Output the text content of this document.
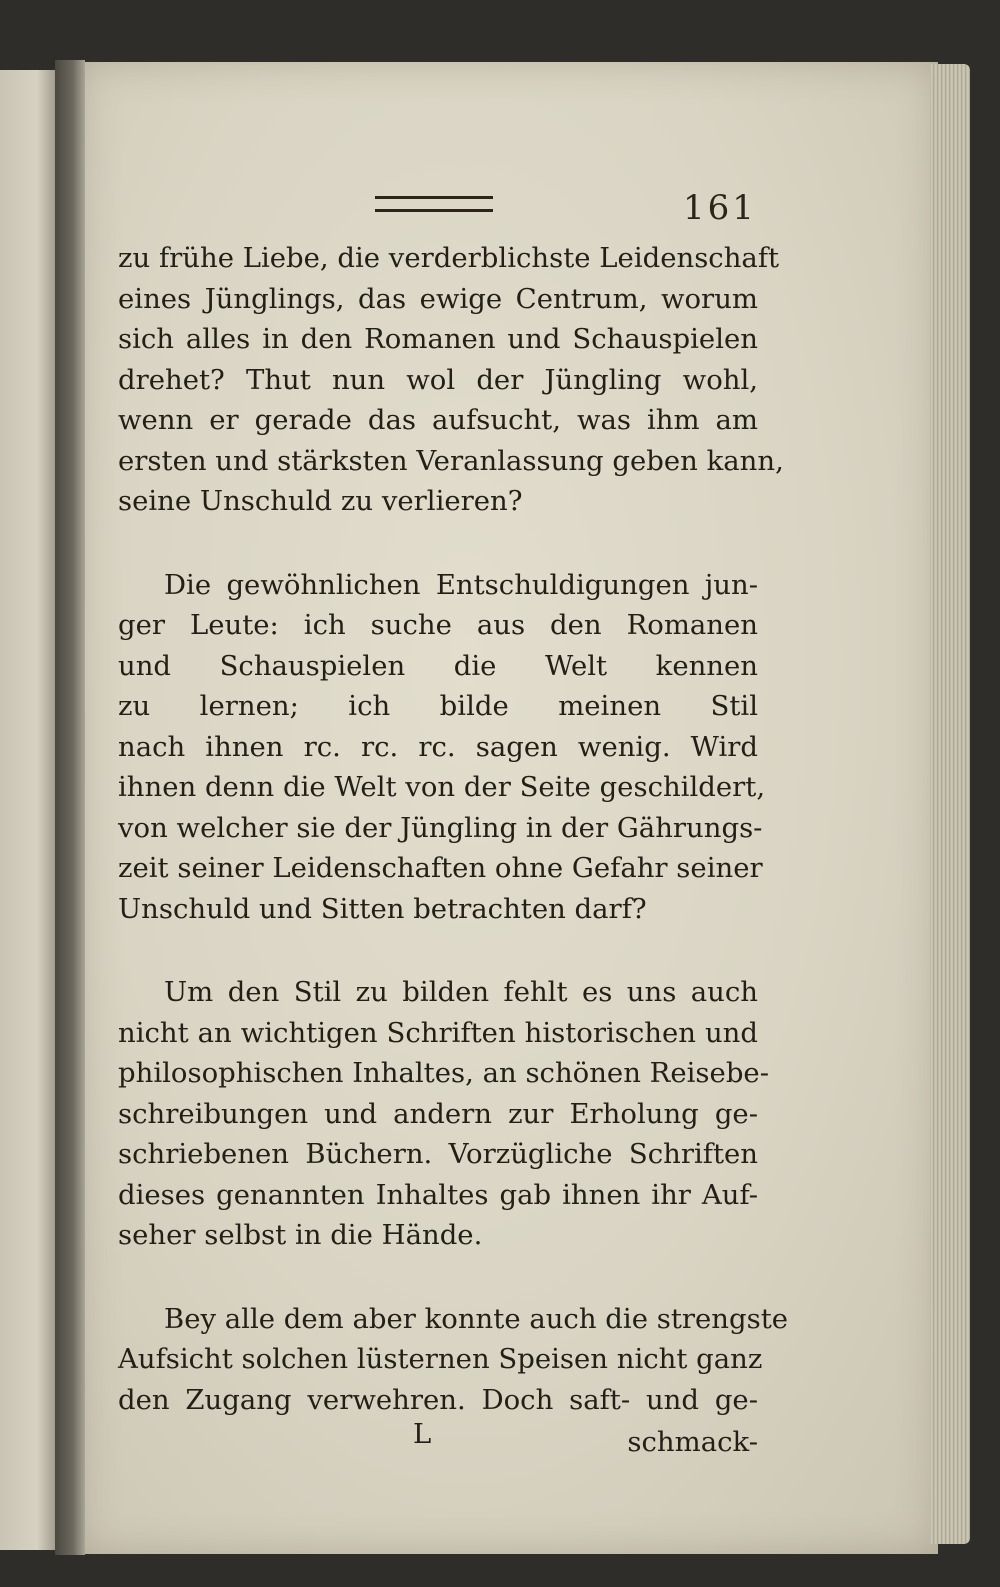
161

zu frühe Liebe, die verderblichste Leidenschaft
eines Jünglings, das ewige Centrum, worum
sich alles in den Romanen und Schauspielen
drehet? Thut nun wol der Jüngling wohl,
wenn er gerade das aufsucht, was ihm am
ersten und stärksten Veranlassung geben kann,
seine Unschuld zu verlieren?

Die gewöhnlichen Entschuldigungen jun-
ger Leute: ich suche aus den Romanen
und Schauspielen die Welt kennen
zu lernen; ich bilde meinen Stil
nach ihnen rc. rc. rc. sagen wenig. Wird
ihnen denn die Welt von der Seite geschildert,
von welcher sie der Jüngling in der Gährungs-
zeit seiner Leidenschaften ohne Gefahr seiner
Unschuld und Sitten betrachten darf?

Um den Stil zu bilden fehlt es uns auch
nicht an wichtigen Schriften historischen und
philosophischen Inhaltes, an schönen Reisebe-
schreibungen und andern zur Erholung ge-
schriebenen Büchern. Vorzügliche Schriften
dieses genannten Inhaltes gab ihnen ihr Auf-
seher selbst in die Hände.

Bey alle dem aber konnte auch die strengste
Aufsicht solchen lüsternen Speisen nicht ganz
den Zugang verwehren. Doch saft- und ge-

L	schmack-
